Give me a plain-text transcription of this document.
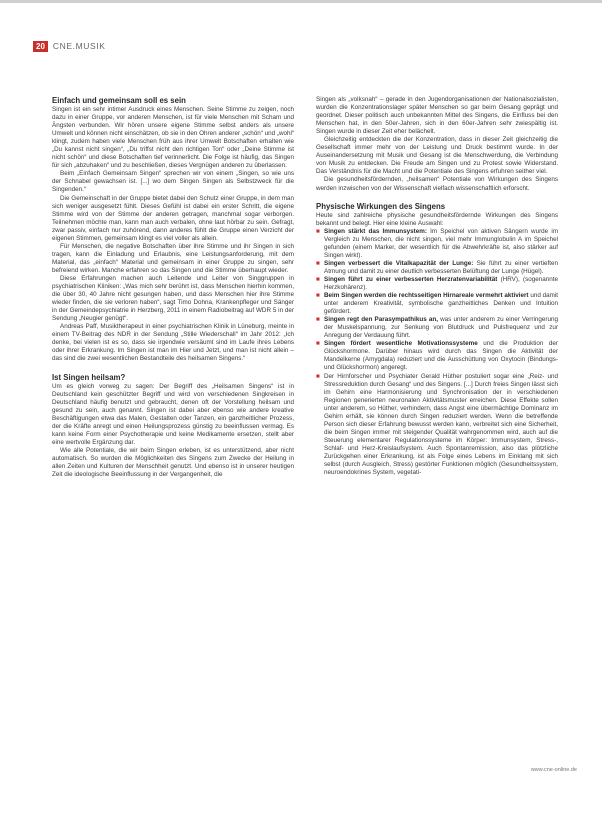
20 CNE.MUSIK
Einfach und gemeinsam soll es sein

Singen ist ein sehr intimer Ausdruck eines Menschen. Seine Stimme zu zeigen, noch dazu in einer Gruppe, vor anderen Menschen, ist für viele Menschen mit Scham und Ängsten verbunden. Wir hören unsere eigene Stimme selbst anders als unsere Umwelt und können nicht einschätzen, ob sie in den Ohren anderer „schön“ und „wohl“ klingt, zudem haben viele Menschen früh aus ihrer Umwelt Botschaften erhalten wie „Du kannst nicht singen“, „Du triffst nicht den richtigen Ton“ oder „Deine Stimme ist nicht schön“ und diese Botschaften tief verinnerlicht. Die Folge ist häufig, das Singen für sich „abzuhaken“ und zu beschließen, dieses Vergnügen anderen zu überlassen.

Beim „Einfach Gemeinsam Singen“ sprechen wir von einem „Singen, so wie uns der Schnabel gewachsen ist. [...] wo dem Singen Singen als Selbstzweck für die Singenden.“

Die Gemeinschaft in der Gruppe bietet dabei den Schutz einer Gruppe, in dem man sich weniger ausgesetzt fühlt. Dieses Gefühl ist dabei ein erster Schritt, die eigene Stimme wird von der Stimme der anderen getragen, manchmal sogar verborgen. Teilnehmen möchte man, kann man auch verbalen, ohne laut hörbar zu sein. Gefragt, zwar passiv, einfach nur zuhörend, dann anderes fühlt die Gruppe einen Verzicht der eigenen Stimmen, gemeinsam klingt es viel voller als allein.

Für Menschen, die negative Botschaften über ihre Stimme und ihr Singen in sich tragen, kann die Einladung und Erlaubnis, eine Leistungsanforderung, mit dem Material, das „einfach“ Material und gemeinsam in einer Gruppe zu singen, sehr befreiend wirken. Manche erfahren so das Singen und die Stimme überhaupt wieder.

Diese Erfahrungen machen auch Leitende und Leiter von Singgruppen in psychiatrischen Kliniken: „Was mich sehr berührt ist, dass Menschen hierhin kommen, die über 30, 40 Jahre nicht gesungen haben, und dass Menschen hier ihre Stimme wieder finden, die sie verloren haben“, sagt Timo Dohna, Krankenpfleger und Sänger in der Gemeindepsychiatrie in Herzberg, 2011 in einem Radiobeitrag auf WDR 5 in der Sendung „Neugier genügt“.

Andreas Paff, Musiktherapeut in einer psychiatrischen Klinik in Lüneburg, meinte in einem TV-Beitrag des NDR in der Sendung „Stille Wiederschall“ im Jahr 2012: „Ich denke, bei vielen ist es so, dass sie irgendwie versäumt sind im Laufe ihres Lebens oder ihrer Erkrankung. Im Singen ist man im Hier und Jetzt, und man ist nicht allein – das sind die zwei wesentlichen Bestandteile des heilsamen Singens.“

Ist Singen heilsam?

Um es gleich vorweg zu sagen: Der Begriff des „Heilsamen Singens“ ist in Deutschland kein geschützter Begriff und wird von verschiedenen Singkreisen in Deutschland häufig benutzt und gebraucht, denen oft der Vorstellung heilsam und gesund zu sein, auch genannt. Singen ist dabei aber ebenso wie andere kreative Beschäftigungen etwa das Malen, Gestalten oder Tanzen, ein ganzheitlicher Prozess, der die Kräfte anregt und einen Heilungsprozess günstig zu beeinflussen vermag. Es kann keine Form einer Psychotherapie und keine Medikamente ersetzen, stellt aber eine wertvolle Ergänzung dar.

Wie alle Potentiale, die wir beim Singen erleben, ist es unterstützend, aber nicht automatisch. So wurden die Möglichkeiten des Singens zum Zwecke der Heilung in allen Zeiten und Kulturen der Menschheit genutzt. Und ebenso ist in unserer heutigen Zeit die ideologische Beeinflussung in der Vergangenheit, die

Singen als „volksnah“ – gerade in den Jugendorganisationen der Nationalsozialisten, wurden die Konzentrationslager später Menschen so gar beim Gesang geprägt und geordnet. Dieser politisch auch unbekannten Mittel des Singens, die Einfluss bei den Menschen hat, in den 50er-Jahren, sich in den 60er-Jahren sehr zwiespältig ist. Singen wurde in dieser Zeit eher belächelt.

Gleichzeitig entdeckten die der Konzentration, dass in dieser Zeit gleichzeitig die Gesellschaft immer mehr von der Leistung und Druck bestimmt wurde. In der Auseinandersetzung mit Musik und Gesang ist die Menschwerdung, die Verbindung von Musik zu entdecken. Die Freude am Singen und zu Protest sowie Widerstand. Das Verständnis für die Macht und die Potentiale des Singens erfuhren seither viel.

Die gesundheitsfördernden, „heilsamen“ Potentiale von Wirkungen des Singens werden inzwischen von der Wissenschaft vielfach wissenschaftlich erforscht.

Physische Wirkungen des Singens

Heute sind zahlreiche physische gesundheitsfördernde Wirkungen des Singens bekannt und belegt. Hier eine kleine Auswahl:

■ Singen stärkt das Immunsystem: Im Speichel von aktiven Sängern wurde im Vergleich zu Menschen, die nicht singen, viel mehr Immunglobulin A im Speichel gefunden (einem Marker, der wesentlich für die Abwehrkräfte ist, also stärker auf Singen wirkt).
■ Singen verbessert die Vitalkapazität der Lunge: Sie führt zu einer vertieften Atmung und damit zu einer deutlich verbesserten Belüftung der Lunge (Hügel).
■ Singen führt zu einer verbesserten Herzratenvariabilität (HRV), (sogenannte Herzkohärenz).
■ Beim Singen werden die rechtsseitigen Hirnareale vermehrt aktiviert und damit unter anderem Kreativität, symbolische ganzheitliches Denken und Intuition gefördert.
■ Singen regt den Parasympathikus an, was unter anderem zu einer Verringerung der Muskelspannung, zur Senkung von Blutdruck und Pulsfrequenz und zur Anregung der Verdauung führt.
■ Singen fördert wesentliche Motivationssysteme und die Produktion der Glückshormone. Darüber hinaus wird durch das Singen die Aktivität der Mandelkerne (Amygdala) reduziert und die Ausschüttung von Oxytocin (Bindungs- und Glückshormon) angeregt.
■ Der Hirnforscher und Psychiater Gerald Hüther postuliert sogar eine „Reiz- und Stressreduktion durch Gesang“ und des Singens. [...] Durch freies Singen lässt sich im Gehirn eine Harmonisierung und Synchronisation der in verschiedenen Regionen generierten neuronalen Aktivitätsmuster erreichen. Diese Effekte sollen unter anderem, so Hüther, verhindern, dass Angst eine übermächtige Dominanz im Gehirn erhält, sie können durch Singen reduziert werden. Wenn die betreffende Person sich dieser Erfahrung bewusst werden kann, verbreitet sich eine Sicherheit, die beim Singen immer mit steigender Qualität wahrgenommen wird, auch auf die Steuerung elementarer Regulationssysteme im Körper: Immunsystem, Stress-, Schlaf- und Herz-Kreislaufsystem. Auch Spontanremission, also das plötzliche Zurückgehen einer Erkrankung, ist als Folge eines Lebens im Einklang mit sich selbst (durch Ausgleich, Stress) gestörter Funktionen möglich (Gesundheitssystem, neuroendokrines System, vegetati-
www.cne-online.de
